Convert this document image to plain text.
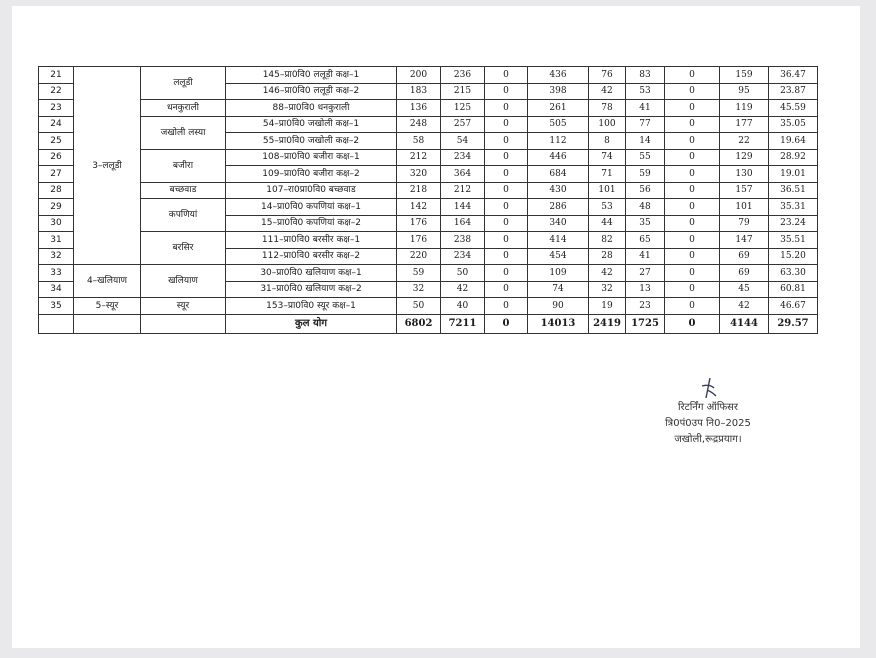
21	3–ललूडी	ललूडी	145–प्रा0वि0 ललूड़ी कक्ष–1	200	236	0	436	76	83	0	159	36.47
22			146–प्रा0वि0 ललूड़ी कक्ष–2	183	215	0	398	42	53	0	95	23.87
23		धनकुराली	88–प्रा0वि0 धनकुराली	136	125	0	261	78	41	0	119	45.59
24		जखोली लस्या	54–प्रा0वि0 जखोली कक्ष–1	248	257	0	505	100	77	0	177	35.05
25			55–प्रा0वि0 जखोली कक्ष–2	58	54	0	112	8	14	0	22	19.64
26		बजीरा	108–प्रा0वि0 बजीरा कक्ष–1	212	234	0	446	74	55	0	129	28.92
27			109–प्रा0वि0 बजीरा कक्ष–2	320	364	0	684	71	59	0	130	19.01
28		बच्छवाड	107–रा0प्रा0वि0 बच्छवाड	218	212	0	430	101	56	0	157	36.51
29		कपणियां	14–प्रा0वि0 कपणियां कक्ष–1	142	144	0	286	53	48	0	101	35.31
30			15–प्रा0वि0 कपणियां कक्ष–2	176	164	0	340	44	35	0	79	23.24
31		बरसिर	111–प्रा0वि0 बरसीर कक्ष–1	176	238	0	414	82	65	0	147	35.51
32			112–प्रा0वि0 बरसीर कक्ष–2	220	234	0	454	28	41	0	69	15.20
33	4–खलियाण	खलियाण	30–प्रा0वि0 खलियाण कक्ष–1	59	50	0	109	42	27	0	69	63.30
34			31–प्रा0वि0 खलियाण कक्ष–2	32	42	0	74	32	13	0	45	60.81
35	5–स्यूर	स्यूर	153–प्रा0वि0 स्यूर कक्ष–1	50	40	0	90	19	23	0	42	46.67
			कुल योग	6802	7211	0	14013	2419	1725	0	4144	29.57
रिटर्निंग ऑफिसर
त्रि0पं0उप नि0–2025
जखोली,रूद्रप्रयाग।
